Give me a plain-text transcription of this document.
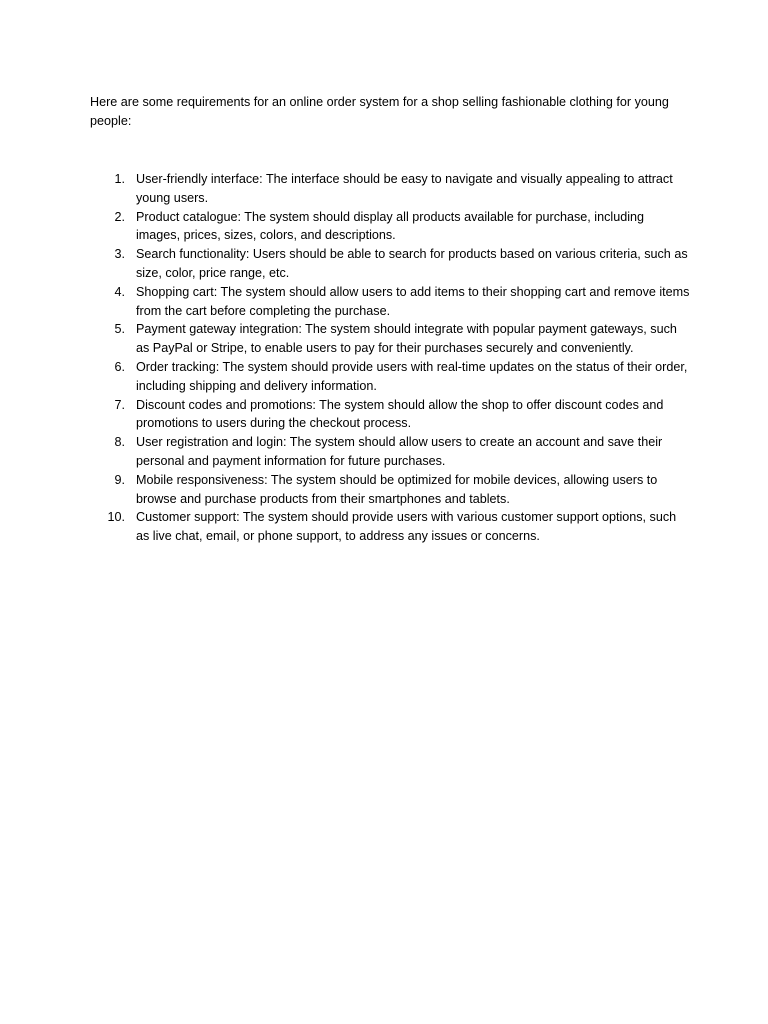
Here are some requirements for an online order system for a shop selling fashionable clothing for young people:

1. User-friendly interface: The interface should be easy to navigate and visually appealing to attract young users.
2. Product catalogue: The system should display all products available for purchase, including images, prices, sizes, colors, and descriptions.
3. Search functionality: Users should be able to search for products based on various criteria, such as size, color, price range, etc.
4. Shopping cart: The system should allow users to add items to their shopping cart and remove items from the cart before completing the purchase.
5. Payment gateway integration: The system should integrate with popular payment gateways, such as PayPal or Stripe, to enable users to pay for their purchases securely and conveniently.
6. Order tracking: The system should provide users with real-time updates on the status of their order, including shipping and delivery information.
7. Discount codes and promotions: The system should allow the shop to offer discount codes and promotions to users during the checkout process.
8. User registration and login: The system should allow users to create an account and save their personal and payment information for future purchases.
9. Mobile responsiveness: The system should be optimized for mobile devices, allowing users to browse and purchase products from their smartphones and tablets.
10. Customer support: The system should provide users with various customer support options, such as live chat, email, or phone support, to address any issues or concerns.
